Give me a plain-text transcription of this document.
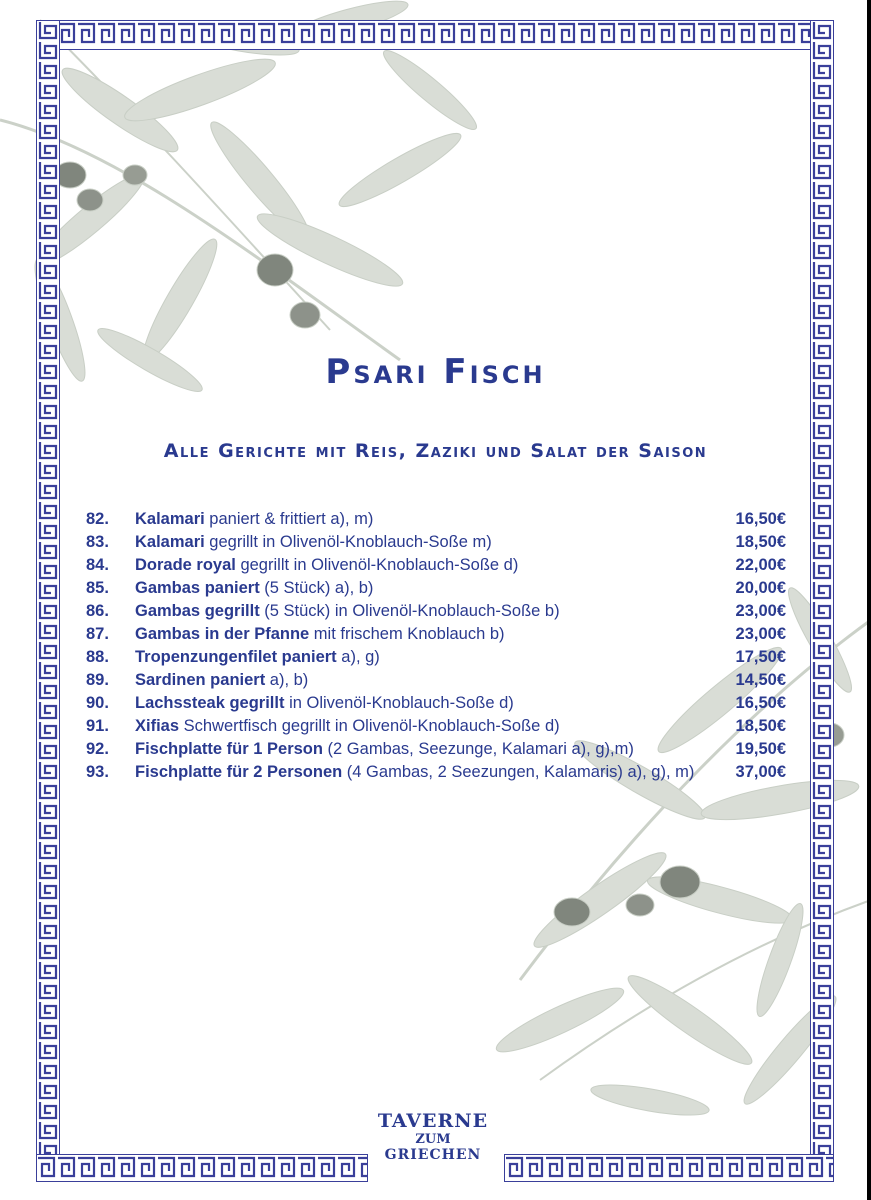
Psari Fisch
Alle Gerichte mit Reis, Zaziki und Salat der Saison
82.	Kalamari paniert & frittiert a), m)	16,50€
83.	Kalamari gegrillt in Olivenöl-Knoblauch-Soße m)	18,50€
84.	Dorade royal gegrillt in Olivenöl-Knoblauch-Soße d)	22,00€
85.	Gambas paniert (5 Stück) a), b)	20,00€
86.	Gambas gegrillt (5 Stück) in Olivenöl-Knoblauch-Soße b)	23,00€
87.	Gambas in der Pfanne mit frischem Knoblauch b)	23,00€
88.	Tropenzungenfilet paniert a), g)	17,50€
89.	Sardinen paniert a), b)	14,50€
90.	Lachssteak gegrillt in Olivenöl-Knoblauch-Soße d)	16,50€
91.	Xifias Schwertfisch gegrillt in Olivenöl-Knoblauch-Soße d)	18,50€
92.	Fischplatte für 1 Person (2 Gambas, Seezunge, Kalamari a), g),m)	19,50€
93.	Fischplatte für 2 Personen (4 Gambas, 2 Seezungen, Kalamaris) a), g), m)	37,00€
TAVERNE
ZUM
GRIECHEN
